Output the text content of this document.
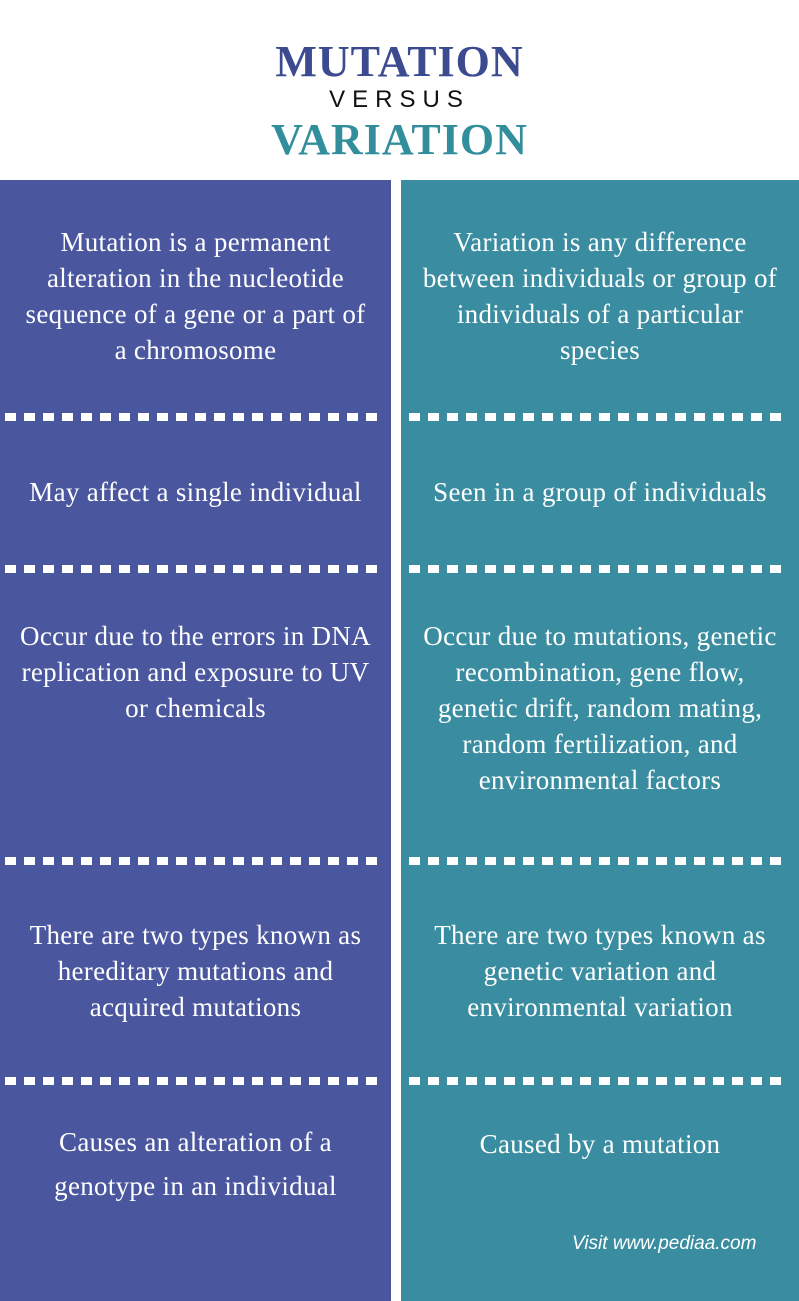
MUTATION
VERSUS
VARIATION
Mutation is a permanent alteration in the nucleotide sequence of a gene or a part of a chromosome
May affect a single individual
Occur due to the errors in DNA replication and exposure to UV or chemicals
There are two types known as hereditary mutations and acquired mutations
Causes an alteration of a genotype in an individual
Variation is any difference between individuals or group of individuals of a particular species
Seen in a group of individuals
Occur due to mutations, genetic recombination, gene flow, genetic drift, random mating, random fertilization, and environmental factors
There are two types known as genetic variation and environmental variation
Caused by a mutation
Visit www.pediaa.com
